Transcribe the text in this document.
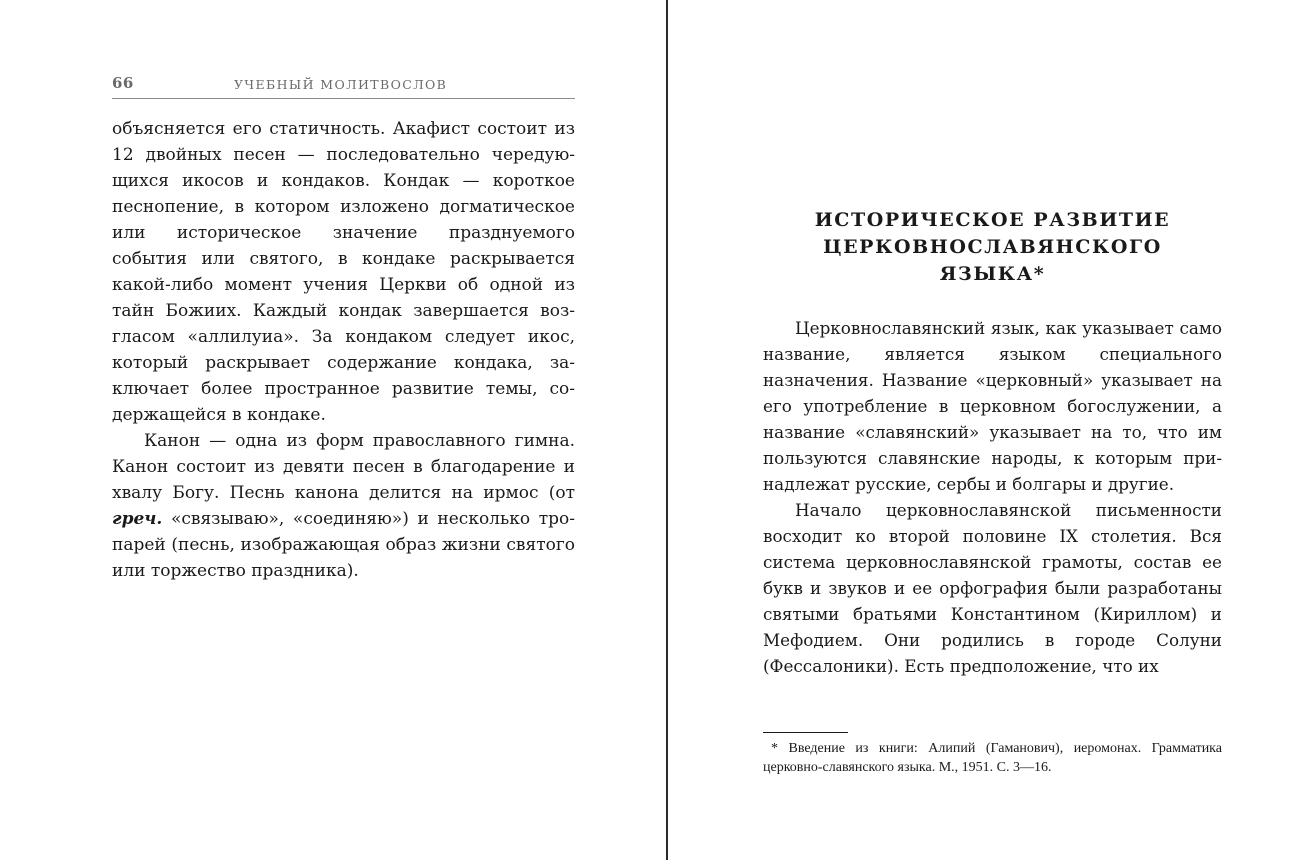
66	УЧЕБНЫЙ МОЛИТВОСЛОВ

объясняется его статичность. Акафист состоит из 12 двойных песен — последовательно чередующихся икосов и кондаков. Кондак — короткое песнопение, в котором изложено догматическое или историческое значение празднуемого события или святого, в кондаке раскрывается какой-либо момент учения Церкви об одной из тайн Божиих. Каждый кондак завершается возгласом «аллилуиа». За кондаком следует икос, который раскрывает содержание кондака, заключает более пространное развитие темы, содержащейся в кондаке.

Канон — одна из форм православного гимна. Канон состоит из девяти песен в благодарение и хвалу Богу. Песнь канона делится на ирмос (от греч. «связываю», «соединяю») и несколько тропарей (песнь, изображающая образ жизни святого или торжество праздника).

ИСТОРИЧЕСКОЕ РАЗВИТИЕ
ЦЕРКОВНОСЛАВЯНСКОГО
ЯЗЫКА*

Церковнославянский язык, как указывает само название, является языком специального назначения. Название «церковный» указывает на его употребление в церковном богослужении, а название «славянский» указывает на то, что им пользуются славянские народы, к которым принадлежат русские, сербы и болгары и другие.

Начало церковнославянской письменности восходит ко второй половине IX столетия. Вся система церковнославянской грамоты, состав ее букв и звуков и ее орфография были разработаны святыми братьями Константином (Кириллом) и Мефодием. Они родились в городе Солуни (Фессалоники). Есть предположение, что их

* Введение из книги: Алипий (Гаманович), иеромонах. Грамматика церковно-славянского языка. М., 1951. С. 3—16.
